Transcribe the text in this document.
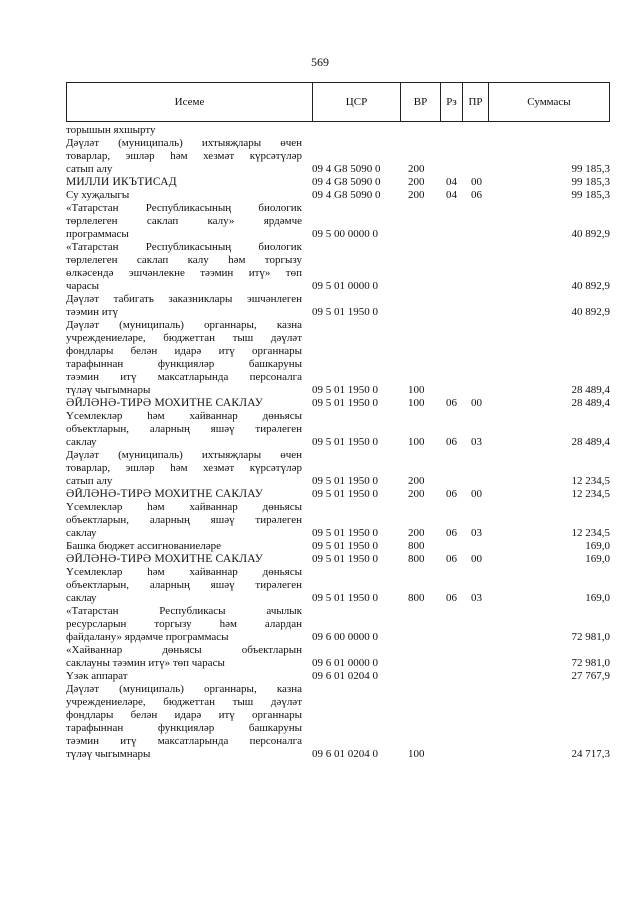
569
Исеме	ЦСР	ВР	Рз	ПР	Суммасы
торышын яхшырту
Дәүләт (муниципаль) ихтыяҗлары өчен
товарлар, эшләр һәм хезмәт күрсәтүләр
сатып алу	09 4 G8 5090 0	200	99 185,3
МИЛЛИ ИКЪТИСАД	09 4 G8 5090 0	200 04 00	99 185,3
Су хуҗалыгы	09 4 G8 5090 0	200 04 06	99 185,3
«Татарстан Республикасының биологик
төрлелеген саклап калу» ярдәмче
программасы	09 5 00 0000 0	40 892,9
«Татарстан Республикасының биологик
төрлелеген саклап калу һәм торгызу
өлкәсендә эшчәнлекне тәэмин итү» төп
чарасы	09 5 01 0000 0	40 892,9
Дәүләт табигать заказниклары эшчәнлеген
тәэмин итү	09 5 01 1950 0	40 892,9
Дәүләт (муниципаль) органнары, казна
учреждениеләре, бюджеттан тыш дәүләт
фондлары белән идарә итү органнары
тарафыннан функцияләр башкаруны
тәэмин итү максатларында персоналга
түләү чыгымнары	09 5 01 1950 0	100	28 489,4
ӘЙЛӘНӘ-ТИРӘ МОХИТНЕ САКЛАУ	09 5 01 1950 0	100 06 00	28 489,4
Үсемлекләр һәм хайваннар дөньясы
объектларын, аларның яшәү тирәлеген
саклау	09 5 01 1950 0	100 06 03	28 489,4
Дәүләт (муниципаль) ихтыяҗлары өчен
товарлар, эшләр һәм хезмәт күрсәтүләр
сатып алу	09 5 01 1950 0	200	12 234,5
ӘЙЛӘНӘ-ТИРӘ МОХИТНЕ САКЛАУ	09 5 01 1950 0	200 06 00	12 234,5
Үсемлекләр һәм хайваннар дөньясы
объектларын, аларның яшәү тирәлеген
саклау	09 5 01 1950 0	200 06 03	12 234,5
Башка бюджет ассигнованиеләре	09 5 01 1950 0	800	169,0
ӘЙЛӘНӘ-ТИРӘ МОХИТНЕ САКЛАУ	09 5 01 1950 0	800 06 00	169,0
Үсемлекләр һәм хайваннар дөньясы
объектларын, аларның яшәү тирәлеген
саклау	09 5 01 1950 0	800 06 03	169,0
«Татарстан Республикасы ачылык
ресурсларын торгызу һәм алардан
файдалану» ярдәмче программасы	09 6 00 0000 0	72 981,0
«Хайваннар дөньясы объектларын
саклауны тәэмин итү» төп чарасы	09 6 01 0000 0	72 981,0
Үзәк аппарат	09 6 01 0204 0	27 767,9
Дәүләт (муниципаль) органнары, казна
учреждениеләре, бюджеттан тыш дәүләт
фондлары белән идарә итү органнары
тарафыннан функцияләр башкаруны
тәэмин итү максатларында персоналга
түләү чыгымнары	09 6 01 0204 0	100	24 717,3
